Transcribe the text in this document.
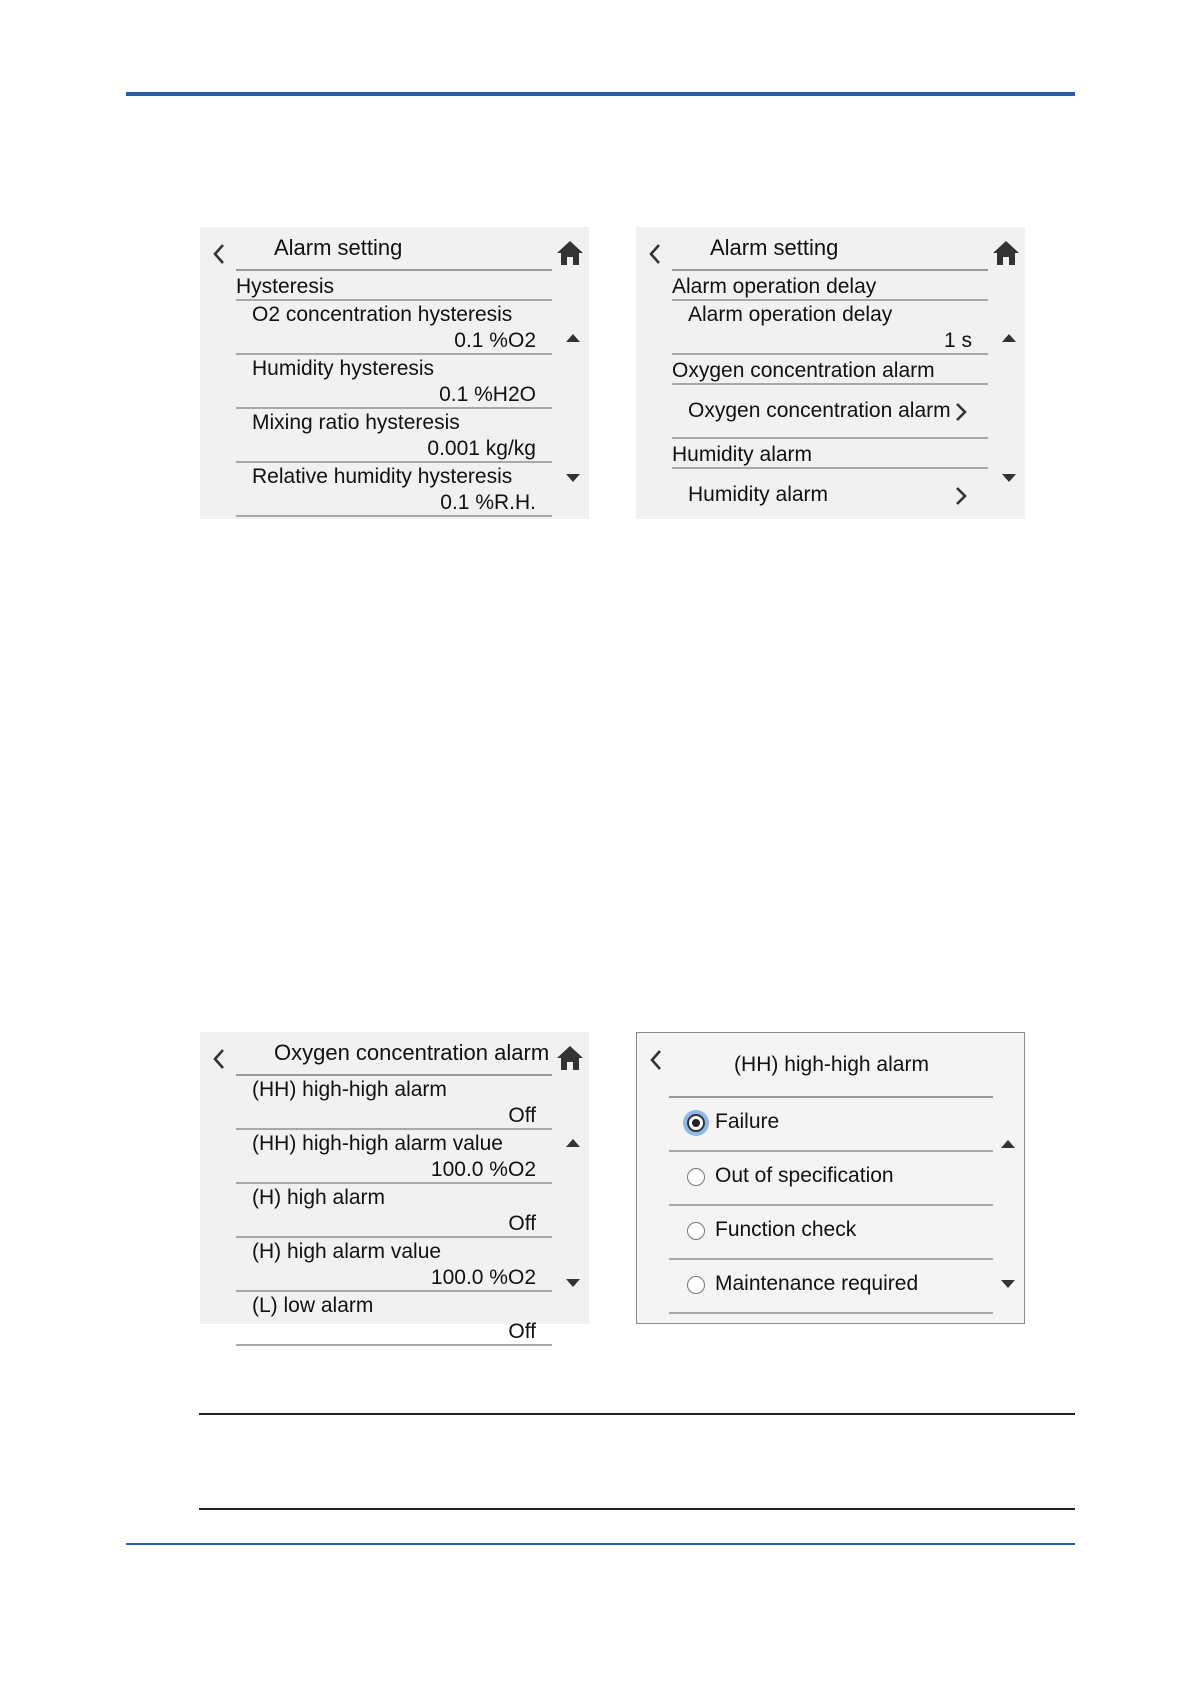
Alarm setting
Hysteresis
O2 concentration hysteresis
0.1 %O2
Humidity hysteresis
0.1 %H2O
Mixing ratio hysteresis
0.001 kg/kg
Relative humidity hysteresis
0.1 %R.H.
Alarm setting
Alarm operation delay
Alarm operation delay
1 s
Oxygen concentration alarm
Oxygen concentration alarm
Humidity alarm
Humidity alarm
Oxygen concentration alarm
(HH) high-high alarm
Off
(HH) high-high alarm value
100.0 %O2
(H) high alarm
Off
(H) high alarm value
100.0 %O2
(L) low alarm
Off
(HH) high-high alarm
Failure
Out of specification
Function check
Maintenance required
